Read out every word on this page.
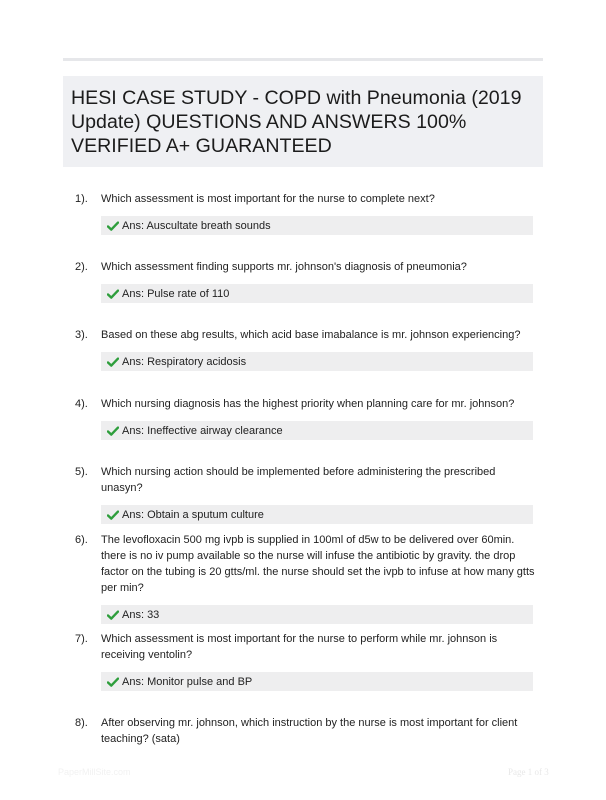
HESI CASE STUDY - COPD with Pneumonia (2019 Update) QUESTIONS AND ANSWERS 100% VERIFIED A+ GUARANTEED
1).	Which assessment is most important for the nurse to complete next?
Ans: Auscultate breath sounds
2).	Which assessment finding supports mr. johnson's diagnosis of pneumonia?
Ans: Pulse rate of 110
3).	Based on these abg results, which acid base imabalance is mr. johnson experiencing?
Ans: Respiratory acidosis
4).	Which nursing diagnosis has the highest priority when planning care for mr. johnson?
Ans: Ineffective airway clearance
5).	Which nursing action should be implemented before administering the prescribed unasyn?
Ans: Obtain a sputum culture
6).	The levofloxacin 500 mg ivpb is supplied in 100ml of d5w to be delivered over 60min. there is no iv pump available so the nurse will infuse the antibiotic by gravity. the drop factor on the tubing is 20 gtts/ml. the nurse should set the ivpb to infuse at how many gtts per min?
Ans: 33
7).	Which assessment is most important for the nurse to perform while mr. johnson is receiving ventolin?
Ans: Monitor pulse and BP
8).	After observing mr. johnson, which instruction by the nurse is most important for client teaching? (sata)
PaperMillSite.com	Page 1 of 3
